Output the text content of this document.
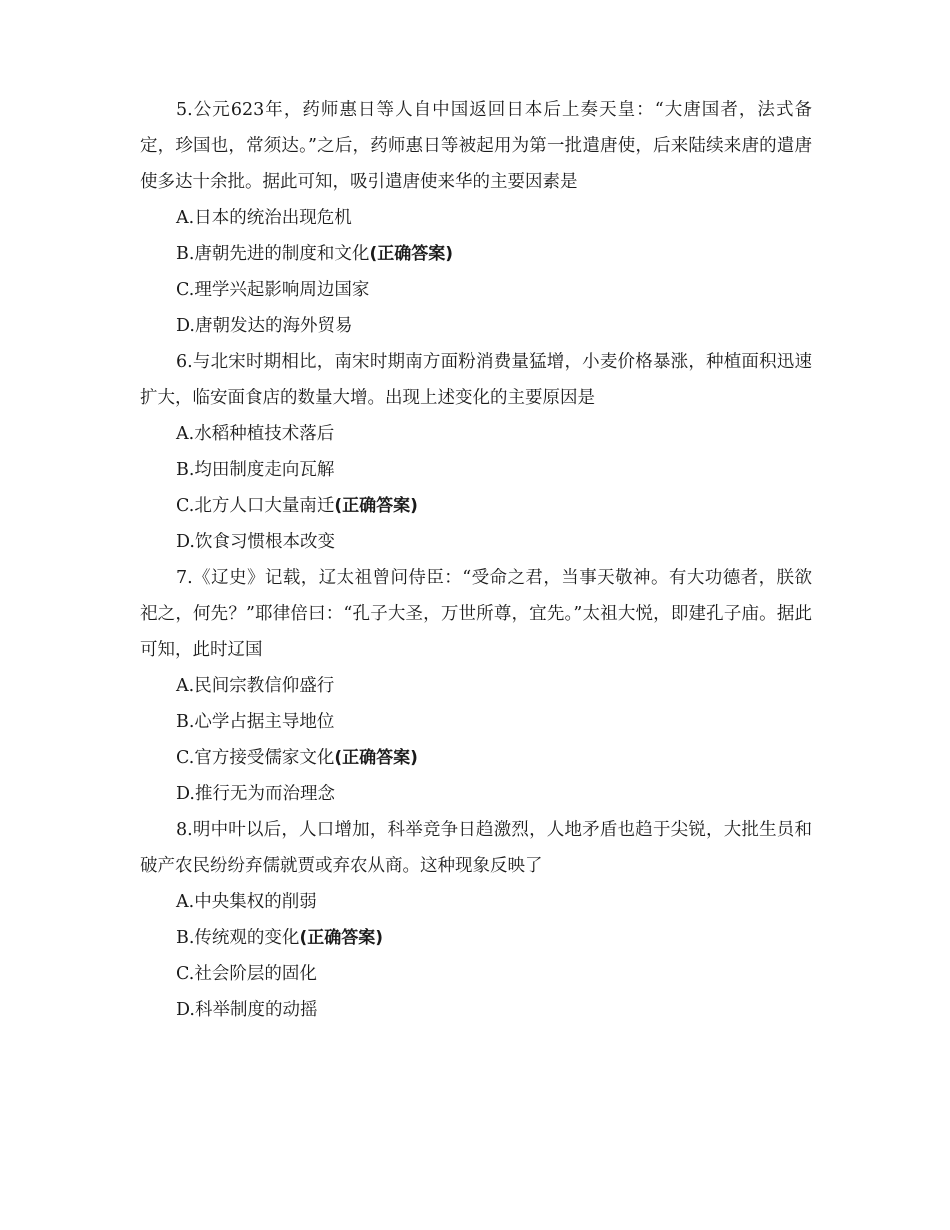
5.公元623年，药师惠日等人自中国返回日本后上奏天皇：“大唐国者，法式备定，珍国也，常须达。”之后，药师惠日等被起用为第一批遣唐使，后来陆续来唐的遣唐使多达十余批。据此可知，吸引遣唐使来华的主要因素是

A.日本的统治出现危机

B.唐朝先进的制度和文化(正确答案)

C.理学兴起影响周边国家

D.唐朝发达的海外贸易

6.与北宋时期相比，南宋时期南方面粉消费量猛增，小麦价格暴涨，种植面积迅速扩大，临安面食店的数量大增。出现上述变化的主要原因是

A.水稻种植技术落后

B.均田制度走向瓦解

C.北方人口大量南迁(正确答案)

D.饮食习惯根本改变

7.《辽史》记载，辽太祖曾问侍臣：“受命之君，当事天敬神。有大功德者，朕欲祀之，何先？”耶律倍曰：“孔子大圣，万世所尊，宜先。”太祖大悦，即建孔子庙。据此可知，此时辽国

A.民间宗教信仰盛行

B.心学占据主导地位

C.官方接受儒家文化(正确答案)

D.推行无为而治理念

8.明中叶以后，人口增加，科举竞争日趋激烈，人地矛盾也趋于尖锐，大批生员和破产农民纷纷弃儒就贾或弃农从商。这种现象反映了

A.中央集权的削弱

B.传统观的变化(正确答案)

C.社会阶层的固化

D.科举制度的动摇
